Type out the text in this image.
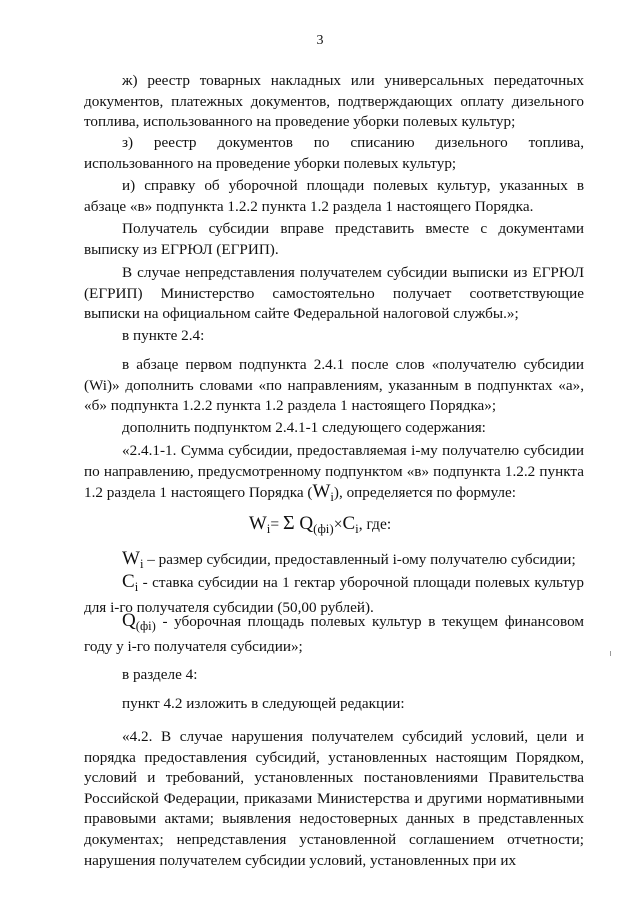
3

ж) реестр товарных накладных или универсальных передаточных документов, платежных документов, подтверждающих оплату дизельного топлива, использованного на проведение уборки полевых культур;

з) реестр документов по списанию дизельного топлива, использованного на проведение уборки полевых культур;

и) справку об уборочной площади полевых культур, указанных в абзаце «в» подпункта 1.2.2 пункта 1.2 раздела 1 настоящего Порядка.

Получатель субсидии вправе представить вместе с документами выписку из ЕГРЮЛ (ЕГРИП).

В случае непредставления получателем субсидии выписки из ЕГРЮЛ (ЕГРИП) Министерство самостоятельно получает соответствующие выписки на официальном сайте Федеральной налоговой службы.»;

в пункте 2.4:

в абзаце первом подпункта 2.4.1 после слов «получателю субсидии (Wi)» дополнить словами «по направлениям, указанным в подпунктах «а», «б» подпункта 1.2.2 пункта 1.2 раздела 1 настоящего Порядка»;

дополнить подпунктом 2.4.1-1 следующего содержания:

«2.4.1-1. Сумма субсидии, предоставляемая i-му получателю субсидии по направлению, предусмотренному подпунктом «в» подпункта 1.2.2 пункта 1.2 раздела 1 настоящего Порядка $(W_i)$, определяется по формуле:

$W_i= \Sigma$ $Q_{(фi)}\times C_i$, где:

$W_i$ – размер субсидии, предоставленный i-ому получателю субсидии;

$C_i$ - ставка субсидии на 1 гектар уборочной площади полевых культур для i-го получателя субсидии (50,00 рублей).

$Q_{(фi)}$ - уборочная площадь полевых культур в текущем финансовом году у i-го получателя субсидии»;

в разделе 4:

пункт 4.2 изложить в следующей редакции:

«4.2. В случае нарушения получателем субсидий условий, цели и порядка предоставления субсидий, установленных настоящим Порядком, условий и требований, установленных постановлениями Правительства Российской Федерации, приказами Министерства и другими нормативными правовыми актами; выявления недостоверных данных в представленных документах; непредставления установленной соглашением отчетности; нарушения получателем субсидии условий, установленных при их
